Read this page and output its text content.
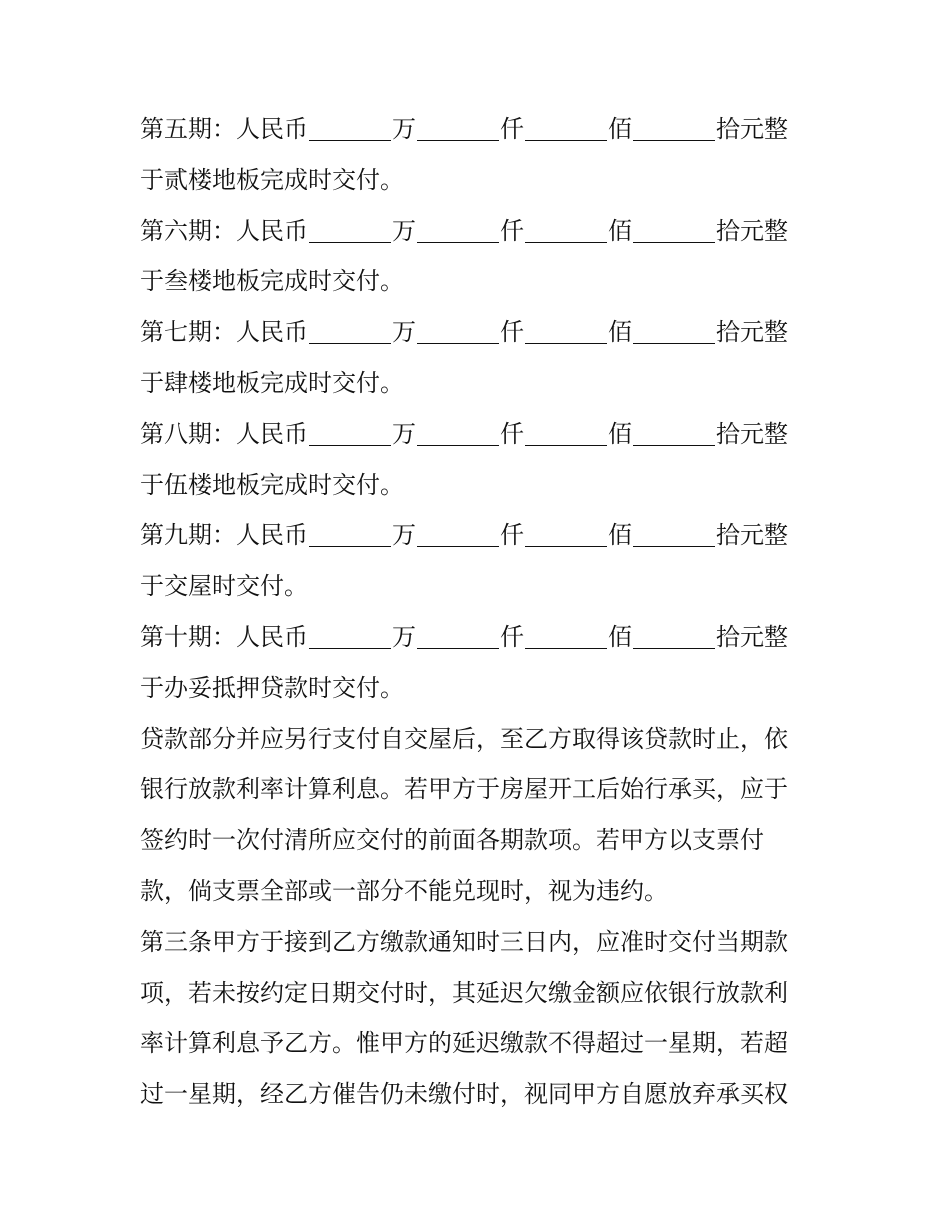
第五期：人民币	万	仟	佰	拾元整
于贰楼地板完成时交付。
第六期：人民币	万	仟	佰	拾元整
于叁楼地板完成时交付。
第七期：人民币	万	仟	佰	拾元整
于肆楼地板完成时交付。
第八期：人民币	万	仟	佰	拾元整
于伍楼地板完成时交付。
第九期：人民币	万	仟	佰	拾元整
于交屋时交付。
第十期：人民币	万	仟	佰	拾元整
于办妥抵押贷款时交付。
贷款部分并应另行支付自交屋后，至乙方取得该贷款时止，依
银行放款利率计算利息。若甲方于房屋开工后始行承买，应于
签约时一次付清所应交付的前面各期款项。若甲方以支票付
款，倘支票全部或一部分不能兑现时，视为违约。
第三条甲方于接到乙方缴款通知时三日内，应准时交付当期款
项，若未按约定日期交付时，其延迟欠缴金额应依银行放款利
率计算利息予乙方。惟甲方的延迟缴款不得超过一星期，若超
过一星期，经乙方催告仍未缴付时，视同甲方自愿放弃承买权
